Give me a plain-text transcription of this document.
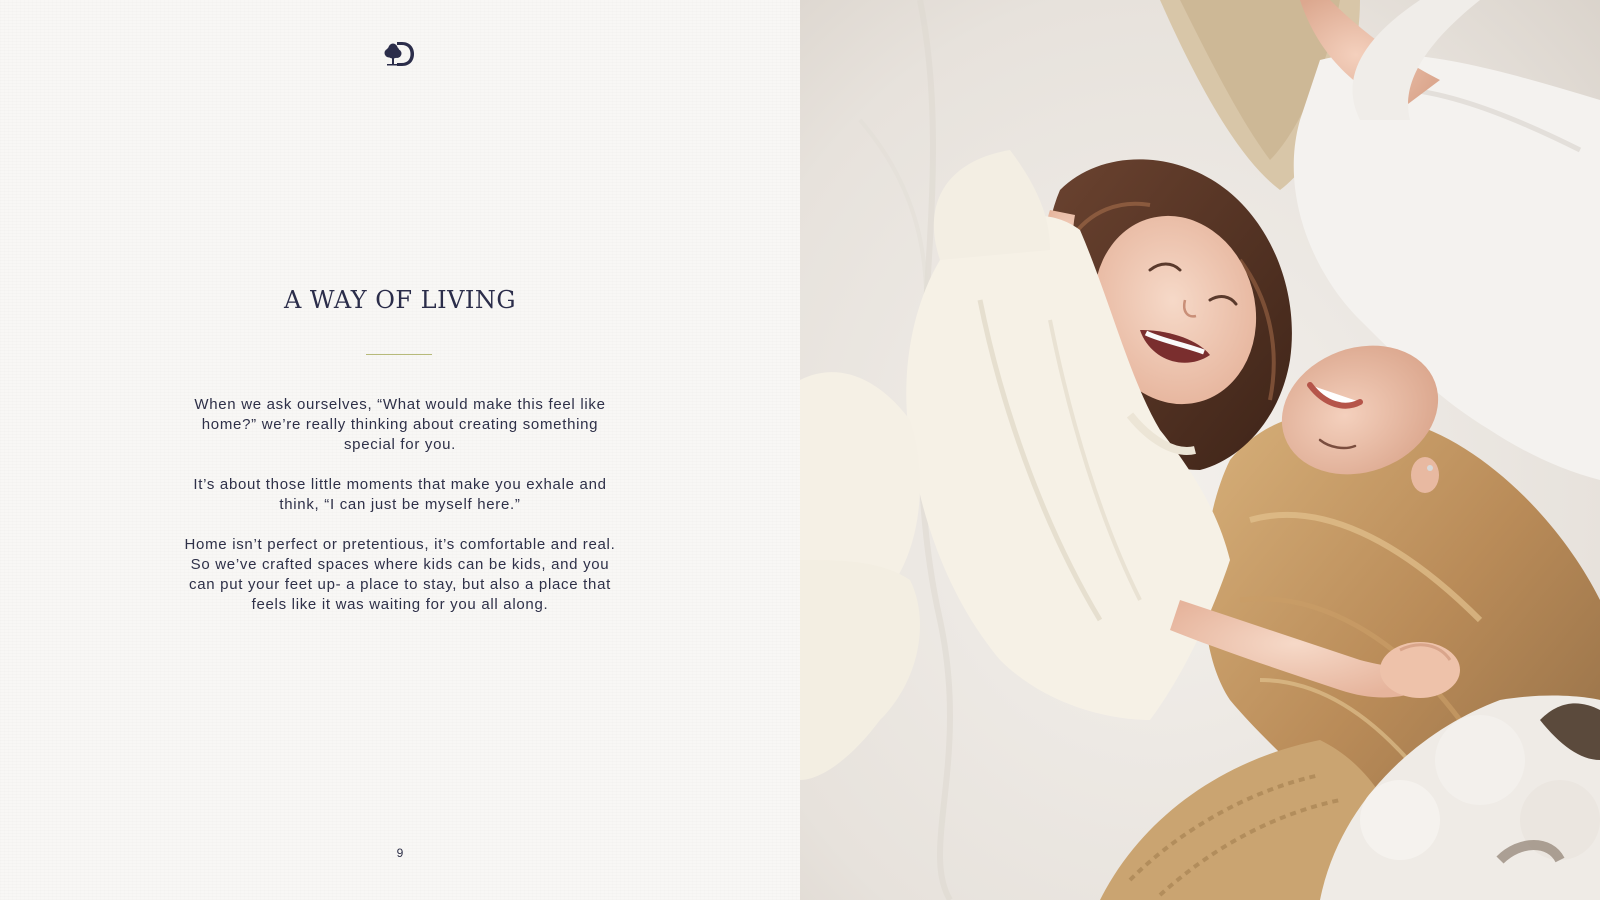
A WAY OF LIVING

When we ask ourselves, “What would make this feel like home?” we’re really thinking about creating something special for you.

It’s about those little moments that make you exhale and think, “I can just be myself here.”

Home isn’t perfect or pretentious, it’s comfortable and real. So we’ve crafted spaces where kids can be kids, and you can put your feet up- a place to stay, but also a place that feels like it was waiting for you all along.

9
